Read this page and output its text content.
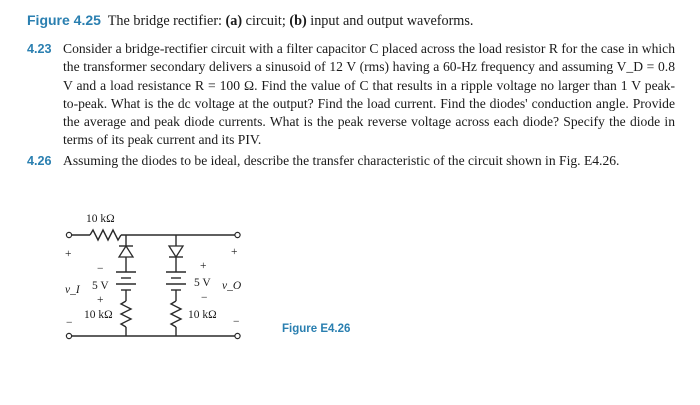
Figure 4.25 The bridge rectifier: (a) circuit; (b) input and output waveforms.
4.23 Consider a bridge-rectifier circuit with a filter capacitor C placed across the load resistor R for the case in which the transformer secondary delivers a sinusoid of 12 V (rms) having a 60-Hz frequency and assuming V_D = 0.8 V and a load resistance R = 100 Ω. Find the value of C that results in a ripple voltage no larger than 1 V peak-to-peak. What is the dc voltage at the output? Find the load current. Find the diodes' conduction angle. Provide the average and peak diode currents. What is the peak reverse voltage across each diode? Specify the diode in terms of its peak current and its PIV.
4.26 Assuming the diodes to be ideal, describe the transfer characteristic of the circuit shown in Fig. E4.26.
10 kΩ
+
v_I
−
+
v_O
−
−
5 V
+
10 kΩ
+
5 V
−
10 kΩ
Figure E4.26
